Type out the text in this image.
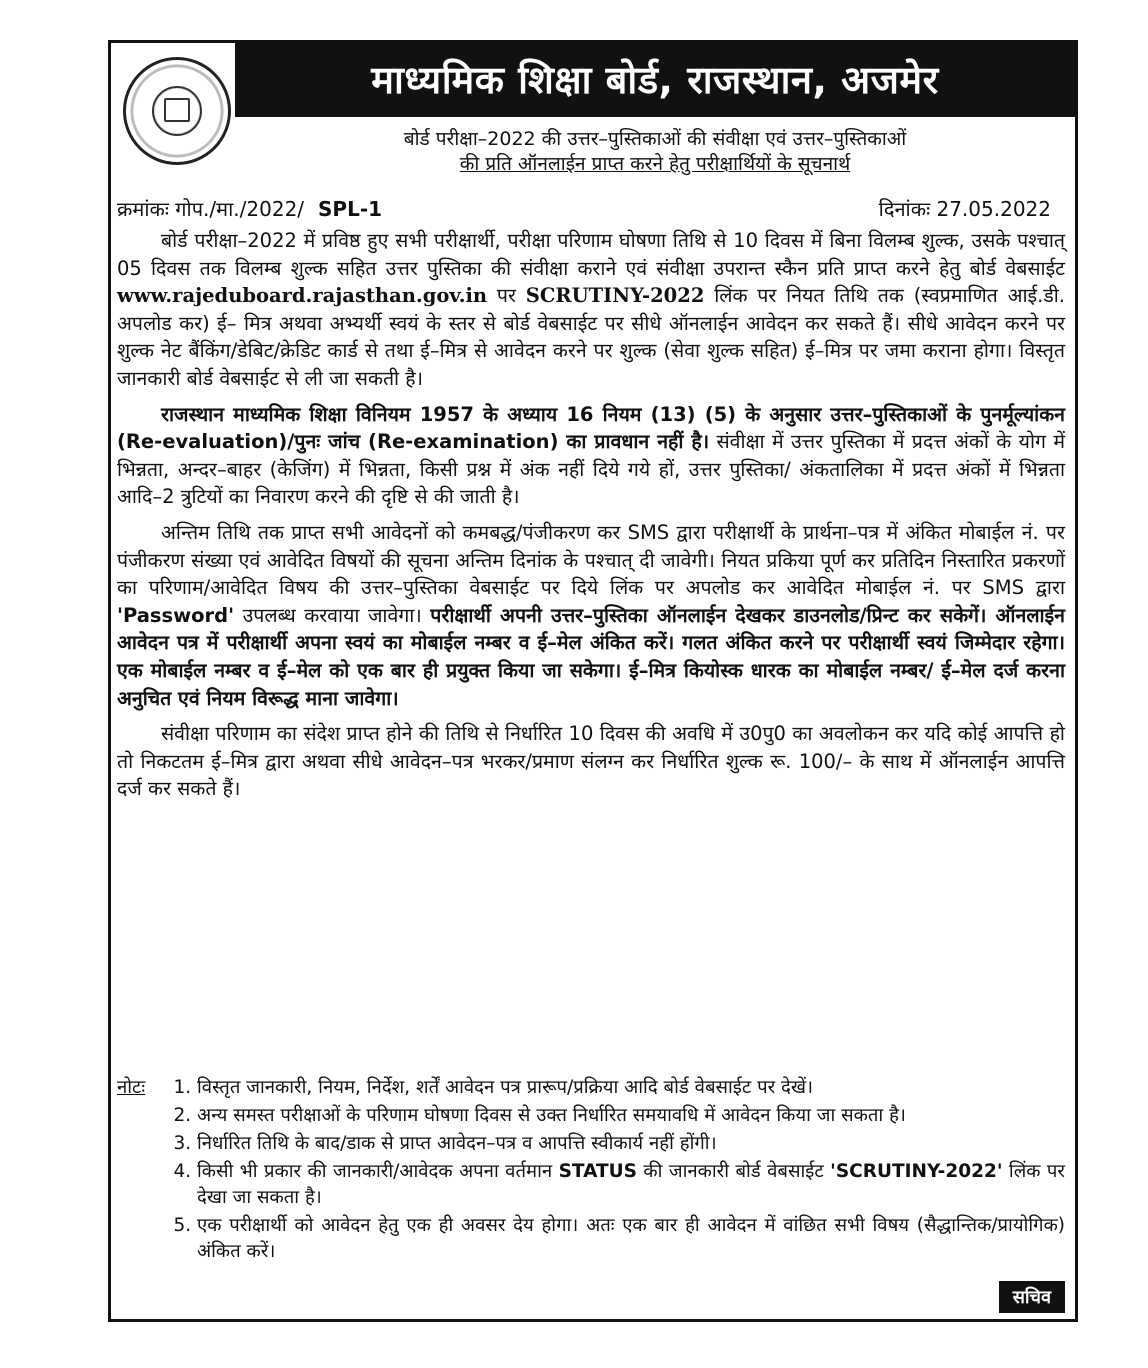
माध्यमिक शिक्षा बोर्ड, राजस्थान, अजमेर
बोर्ड परीक्षा–2022 की उत्तर–पुस्तिकाओं की संवीक्षा एवं उत्तर–पुस्तिकाओं
की प्रति ऑनलाईन प्राप्त करने हेतु परीक्षार्थियों के सूचनार्थ
क्रमांकः गोप./मा./2022/ SPL-1	दिनांकः 27.05.2022

बोर्ड परीक्षा–2022 में प्रविष्ठ हुए सभी परीक्षार्थी, परीक्षा परिणाम घोषणा तिथि से 10 दिवस में बिना विलम्ब शुल्क, उसके पश्चात् 05 दिवस तक विलम्ब शुल्क सहित उत्तर पुस्तिका की संवीक्षा कराने एवं संवीक्षा उपरान्त स्कैन प्रति प्राप्त करने हेतु बोर्ड वेबसाईट www.rajeduboard.rajasthan.gov.in पर SCRUTINY-2022 लिंक पर नियत तिथि तक (स्वप्रमाणित आई.डी. अपलोड कर) ई– मित्र अथवा अभ्यर्थी स्वयं के स्तर से बोर्ड वेबसाईट पर सीधे ऑनलाईन आवेदन कर सकते हैं। सीधे आवेदन करने पर शुल्क नेट बैंकिंग/डेबिट/क्रेडिट कार्ड से तथा ई–मित्र से आवेदन करने पर शुल्क (सेवा शुल्क सहित) ई–मित्र पर जमा कराना होगा। विस्तृत जानकारी बोर्ड वेबसाईट से ली जा सकती है।

राजस्थान माध्यमिक शिक्षा विनियम 1957 के अध्याय 16 नियम (13) (5) के अनुसार उत्तर–पुस्तिकाओं के पुनर्मूल्यांकन (Re-evaluation)/पुनः जांच (Re-examination) का प्रावधान नहीं है। संवीक्षा में उत्तर पुस्तिका में प्रदत्त अंकों के योग में भिन्नता, अन्दर–बाहर (केजिंग) में भिन्नता, किसी प्रश्न में अंक नहीं दिये गये हों, उत्तर पुस्तिका/ अंकतालिका में प्रदत्त अंकों में भिन्नता आदि–2 त्रुटियों का निवारण करने की दृष्टि से की जाती है।

अन्तिम तिथि तक प्राप्त सभी आवेदनों को कमबद्ध/पंजीकरण कर SMS द्वारा परीक्षार्थी के प्रार्थना–पत्र में अंकित मोबाईल नं. पर पंजीकरण संख्या एवं आवेदित विषयों की सूचना अन्तिम दिनांक के पश्चात् दी जावेगी। नियत प्रकिया पूर्ण कर प्रतिदिन निस्तारित प्रकरणों का परिणाम/आवेदित विषय की उत्तर–पुस्तिका वेबसाईट पर दिये लिंक पर अपलोड कर आवेदित मोबाईल नं. पर SMS द्वारा 'Password' उपलब्ध करवाया जावेगा। परीक्षार्थी अपनी उत्तर–पुस्तिका ऑनलाईन देखकर डाउनलोड/प्रिन्ट कर सकेगें। ऑनलाईन आवेदन पत्र में परीक्षार्थी अपना स्वयं का मोबाईल नम्बर व ई–मेल अंकित करें। गलत अंकित करने पर परीक्षार्थी स्वयं जिम्मेदार रहेगा। एक मोबाईल नम्बर व ई–मेल को एक बार ही प्रयुक्त किया जा सकेगा। ई–मित्र कियोस्क धारक का मोबाईल नम्बर/ ई–मेल दर्ज करना अनुचित एवं नियम विरूद्ध माना जावेगा।

संवीक्षा परिणाम का संदेश प्राप्त होने की तिथि से निर्धारित 10 दिवस की अवधि में उ0पु0 का अवलोकन कर यदि कोई आपत्ति हो तो निकटतम ई–मित्र द्वारा अथवा सीधे आवेदन–पत्र भरकर/प्रमाण संलग्न कर निर्धारित शुल्क रू. 100/– के साथ में ऑनलाईन आपत्ति दर्ज कर सकते हैं।

नोटः
1.	विस्तृत जानकारी, नियम, निर्देश, शर्तें आवेदन पत्र प्रारूप/प्रक्रिया आदि बोर्ड वेबसाईट पर देखें।
2. अन्य समस्त परीक्षाओं के परिणाम घोषणा दिवस से उक्त निर्धारित समयावधि में आवेदन किया जा सकता है।
3. निर्धारित तिथि के बाद/डाक से प्राप्त आवेदन–पत्र व आपत्ति स्वीकार्य नहीं होंगी।
4. किसी भी प्रकार की जानकारी/आवेदक अपना वर्तमान STATUS की जानकारी बोर्ड वेबसाईट 'SCRUTINY-2022' लिंक पर देखा जा सकता है।
5. एक परीक्षार्थी को आवेदन हेतु एक ही अवसर देय होगा। अतः एक बार ही आवेदन में वांछित सभी विषय (सैद्धान्तिक/प्रायोगिक) अंकित करें।
सचिव
